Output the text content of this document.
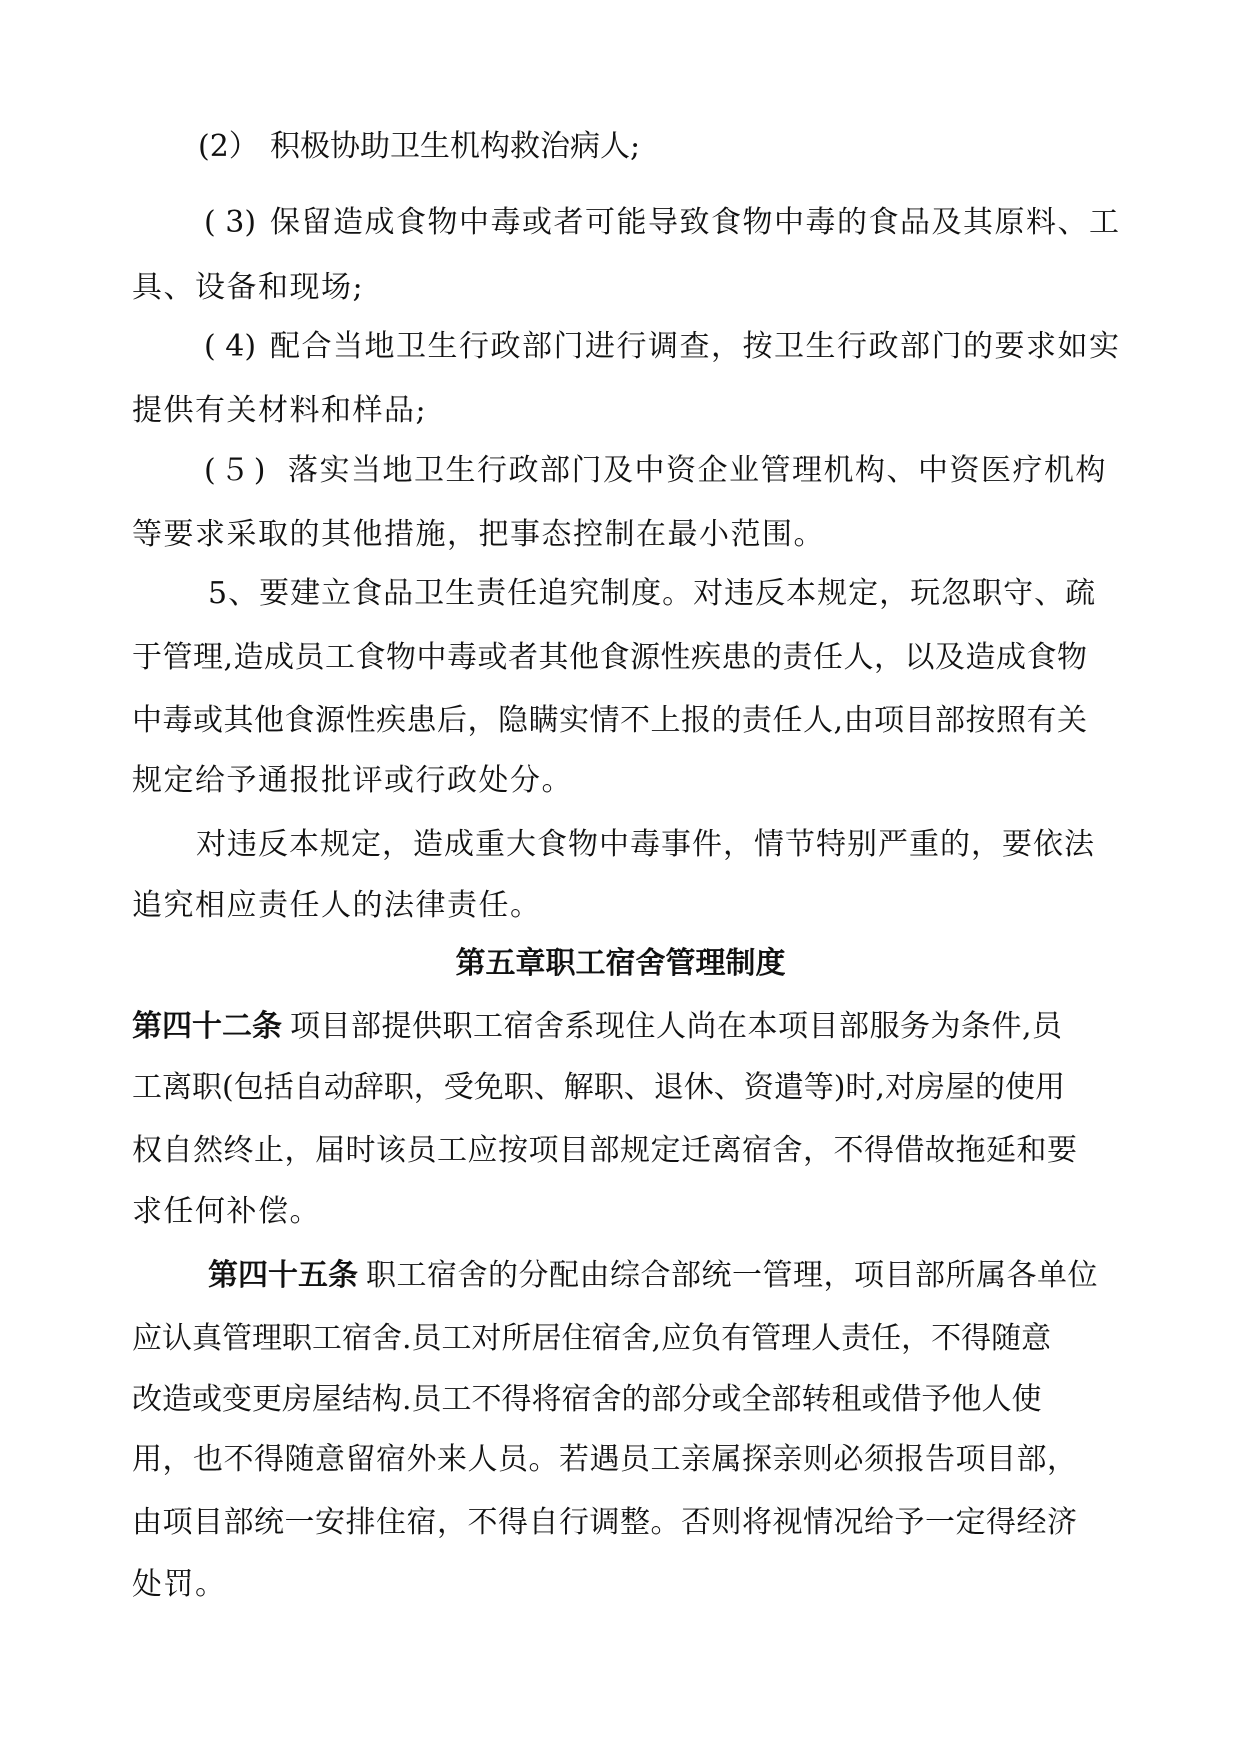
(2） 积极协助卫生机构救治病人;
( 3) 保留造成食物中毒或者可能导致食物中毒的食品及其原料、工
具、设备和现场;
( 4) 配合当地卫生行政部门进行调查，按卫生行政部门的要求如实
提供有关材料和样品;
(５) 落实当地卫生行政部门及中资企业管理机构、中资医疗机构
等要求采取的其他措施，把事态控制在最小范围。
5、要建立食品卫生责任追究制度。对违反本规定，玩忽职守、疏
于管理,造成员工食物中毒或者其他食源性疾患的责任人，以及造成食物
中毒或其他食源性疾患后，隐瞒实情不上报的责任人,由项目部按照有关
规定给予通报批评或行政处分。
对违反本规定，造成重大食物中毒事件，情节特别严重的，要依法
追究相应责任人的法律责任。
第五章职工宿舍管理制度
第四十二条 项目部提供职工宿舍系现住人尚在本项目部服务为条件,员
工离职(包括自动辞职，受免职、解职、退休、资遣等)时,对房屋的使用
权自然终止，届时该员工应按项目部规定迁离宿舍，不得借故拖延和要
求任何补偿。
第四十五条 职工宿舍的分配由综合部统一管理，项目部所属各单位
应认真管理职工宿舍.员工对所居住宿舍,应负有管理人责任，不得随意
改造或变更房屋结构.员工不得将宿舍的部分或全部转租或借予他人使
用，也不得随意留宿外来人员。若遇员工亲属探亲则必须报告项目部，
由项目部统一安排住宿，不得自行调整。否则将视情况给予一定得经济
处罚。
